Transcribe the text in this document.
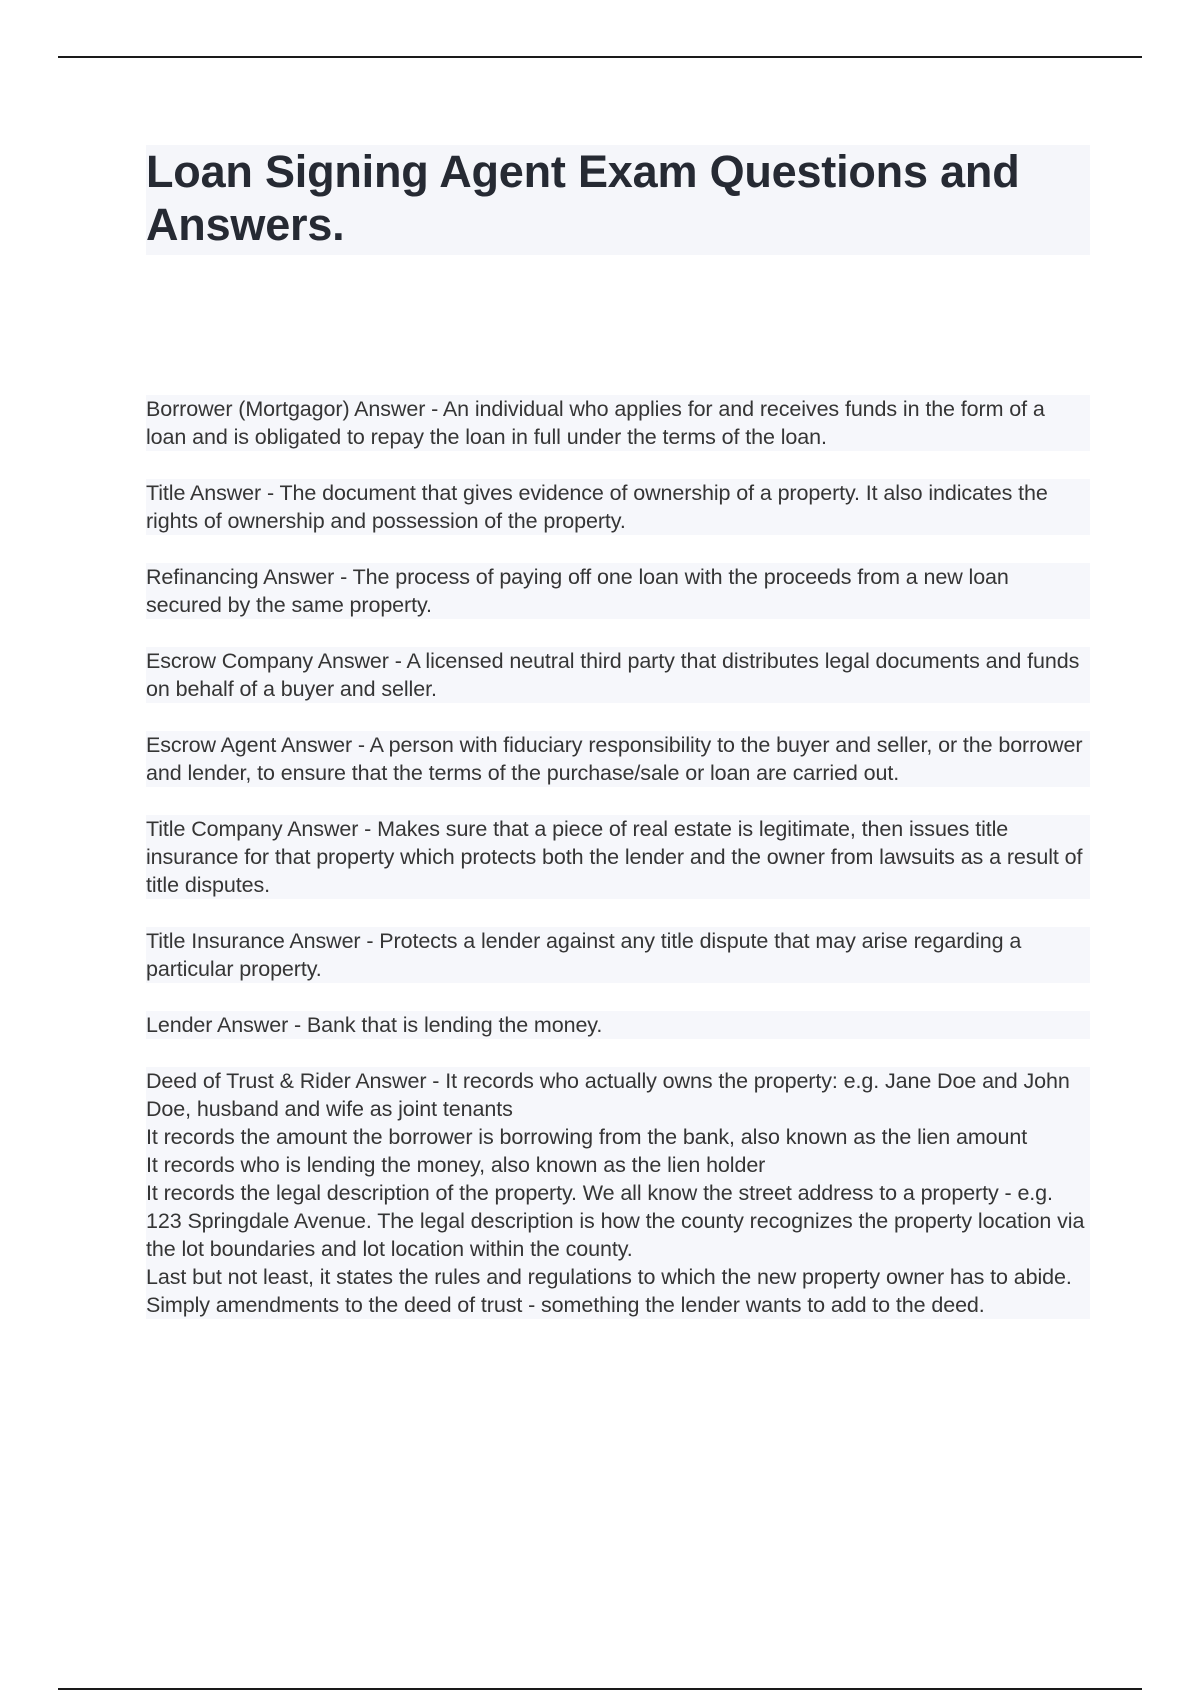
Loan Signing Agent Exam Questions and Answers.

Borrower (Mortgagor) Answer - An individual who applies for and receives funds in the form of a loan and is obligated to repay the loan in full under the terms of the loan.

Title Answer - The document that gives evidence of ownership of a property. It also indicates the rights of ownership and possession of the property.

Refinancing Answer - The process of paying off one loan with the proceeds from a new loan secured by the same property.

Escrow Company Answer - A licensed neutral third party that distributes legal documents and funds on behalf of a buyer and seller.

Escrow Agent Answer - A person with fiduciary responsibility to the buyer and seller, or the borrower and lender, to ensure that the terms of the purchase/sale or loan are carried out.

Title Company Answer - Makes sure that a piece of real estate is legitimate, then issues title insurance for that property which protects both the lender and the owner from lawsuits as a result of title disputes.

Title Insurance Answer - Protects a lender against any title dispute that may arise regarding a particular property.

Lender Answer - Bank that is lending the money.

Deed of Trust & Rider Answer - It records who actually owns the property: e.g. Jane Doe and John Doe, husband and wife as joint tenants
It records the amount the borrower is borrowing from the bank, also known as the lien amount
It records who is lending the money, also known as the lien holder
It records the legal description of the property. We all know the street address to a property - e.g. 123 Springdale Avenue. The legal description is how the county recognizes the property location via the lot boundaries and lot location within the county.
Last but not least, it states the rules and regulations to which the new property owner has to abide. Simply amendments to the deed of trust - something the lender wants to add to the deed.
